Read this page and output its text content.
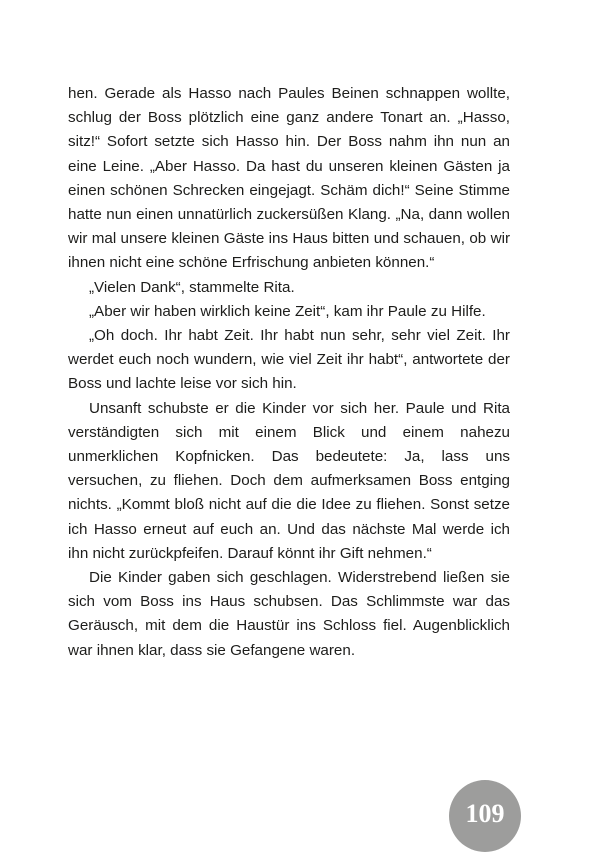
hen. Gerade als Hasso nach Paules Beinen schnappen wollte, schlug der Boss plötzlich eine ganz andere Tonart an. „Hasso, sitz!“ Sofort setzte sich Hasso hin. Der Boss nahm ihn nun an eine Leine. „Aber Hasso. Da hast du unseren kleinen Gästen ja einen schönen Schrecken eingejagt. Schäm dich!“ Seine Stimme hatte nun einen unnatürlich zuckersüßen Klang. „Na, dann wollen wir mal unsere kleinen Gäste ins Haus bitten und schauen, ob wir ihnen nicht eine schöne Erfrischung anbieten können.“

„Vielen Dank“, stammelte Rita.

„Aber wir haben wirklich keine Zeit“, kam ihr Paule zu Hilfe.

„Oh doch. Ihr habt Zeit. Ihr habt nun sehr, sehr viel Zeit. Ihr werdet euch noch wundern, wie viel Zeit ihr habt“, antwortete der Boss und lachte leise vor sich hin.

Unsanft schubste er die Kinder vor sich her. Paule und Rita verständigten sich mit einem Blick und einem nahezu unmerklichen Kopfnicken. Das bedeutete: Ja, lass uns versuchen, zu fliehen. Doch dem aufmerksamen Boss entging nichts. „Kommt bloß nicht auf die die Idee zu fliehen. Sonst setze ich Hasso erneut auf euch an. Und das nächste Mal werde ich ihn nicht zurückpfeifen. Darauf könnt ihr Gift nehmen.“

Die Kinder gaben sich geschlagen. Widerstrebend ließen sie sich vom Boss ins Haus schubsen. Das Schlimmste war das Geräusch, mit dem die Haustür ins Schloss fiel. Augenblicklich war ihnen klar, dass sie Gefangene waren.

109
